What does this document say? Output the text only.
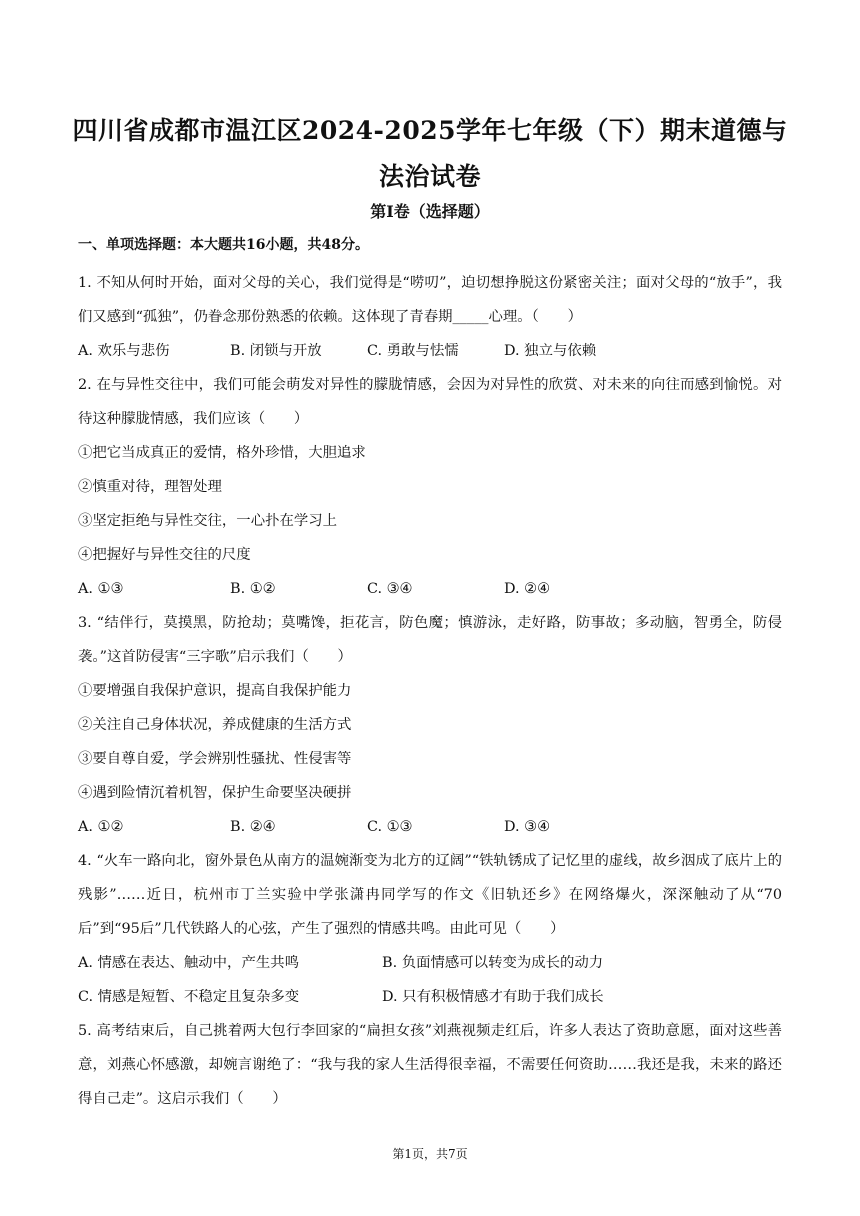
四川省成都市温江区2024-2025学年七年级（下）期末道德与法治试卷
第I卷（选择题）
一、单项选择题：本大题共16小题，共48分。

1. 不知从何时开始，面对父母的关心，我们觉得是“唠叨”，迫切想挣脱这份紧密关注；面对父母的“放手”，我们又感到“孤独”，仍眷念那份熟悉的依赖。这体现了青春期_____心理。（　　）

A. 欢乐与悲伤	B. 闭锁与开放	C. 勇敢与怯懦	D. 独立与依赖

2. 在与异性交往中，我们可能会萌发对异性的朦胧情感，会因为对异性的欣赏、对未来的向往而感到愉悦。对待这种朦胧情感，我们应该（　　）

①把它当成真正的爱情，格外珍惜，大胆追求

②慎重对待，理智处理

③坚定拒绝与异性交往，一心扑在学习上

④把握好与异性交往的尺度

A. ①③	B. ①②	C. ③④	D. ②④

3. “结伴行，莫摸黑，防抢劫；莫嘴馋，拒花言，防色魔；慎游泳，走好路，防事故；多动脑，智勇全，防侵袭。”这首防侵害“三字歌”启示我们（　　）

①要增强自我保护意识，提高自我保护能力

②关注自己身体状况，养成健康的生活方式

③要自尊自爱，学会辨别性骚扰、性侵害等

④遇到险情沉着机智，保护生命要坚决硬拼

A. ①②	B. ②④	C. ①③	D. ③④

4. “火车一路向北，窗外景色从南方的温婉渐变为北方的辽阔”“铁轨锈成了记忆里的虚线，故乡洇成了底片上的残影”……近日，杭州市丁兰实验中学张潇冉同学写的作文《旧轨还乡》在网络爆火，深深触动了从“70后”到“95后”几代铁路人的心弦，产生了强烈的情感共鸣。由此可见（　　）

A. 情感在表达、触动中，产生共鸣	B. 负面情感可以转变为成长的动力
C. 情感是短暂、不稳定且复杂多变	D. 只有积极情感才有助于我们成长

5. 高考结束后，自己挑着两大包行李回家的“扁担女孩”刘燕视频走红后，许多人表达了资助意愿，面对这些善意，刘燕心怀感激，却婉言谢绝了：“我与我的家人生活得很幸福，不需要任何资助……我还是我，未来的路还得自己走”。这启示我们（　　）

第1页，共7页
